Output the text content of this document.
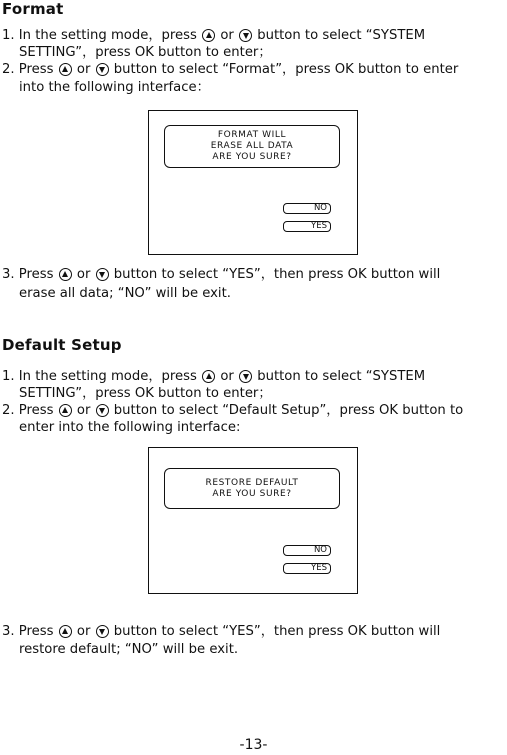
Format
1. In the setting mode，press or button to select “SYSTEM
SETTING”，press OK button to enter；
2. Press or button to select “Format”，press OK button to enter
into the following interface：
FORMAT WILL
ERASE ALL DATA
ARE YOU SURE?
NO
YES
3. Press or button to select “YES”，then press OK button will
erase all data; “NO” will be exit.
Default Setup
1. In the setting mode，press or button to select “SYSTEM
SETTING”，press OK button to enter；
2. Press or button to select “Default Setup”，press OK button to
enter into the following interface:
RESTORE DEFAULT
ARE YOU SURE?
NO
YES
3. Press or button to select “YES”，then press OK button will
restore default; “NO” will be exit.
-13-
